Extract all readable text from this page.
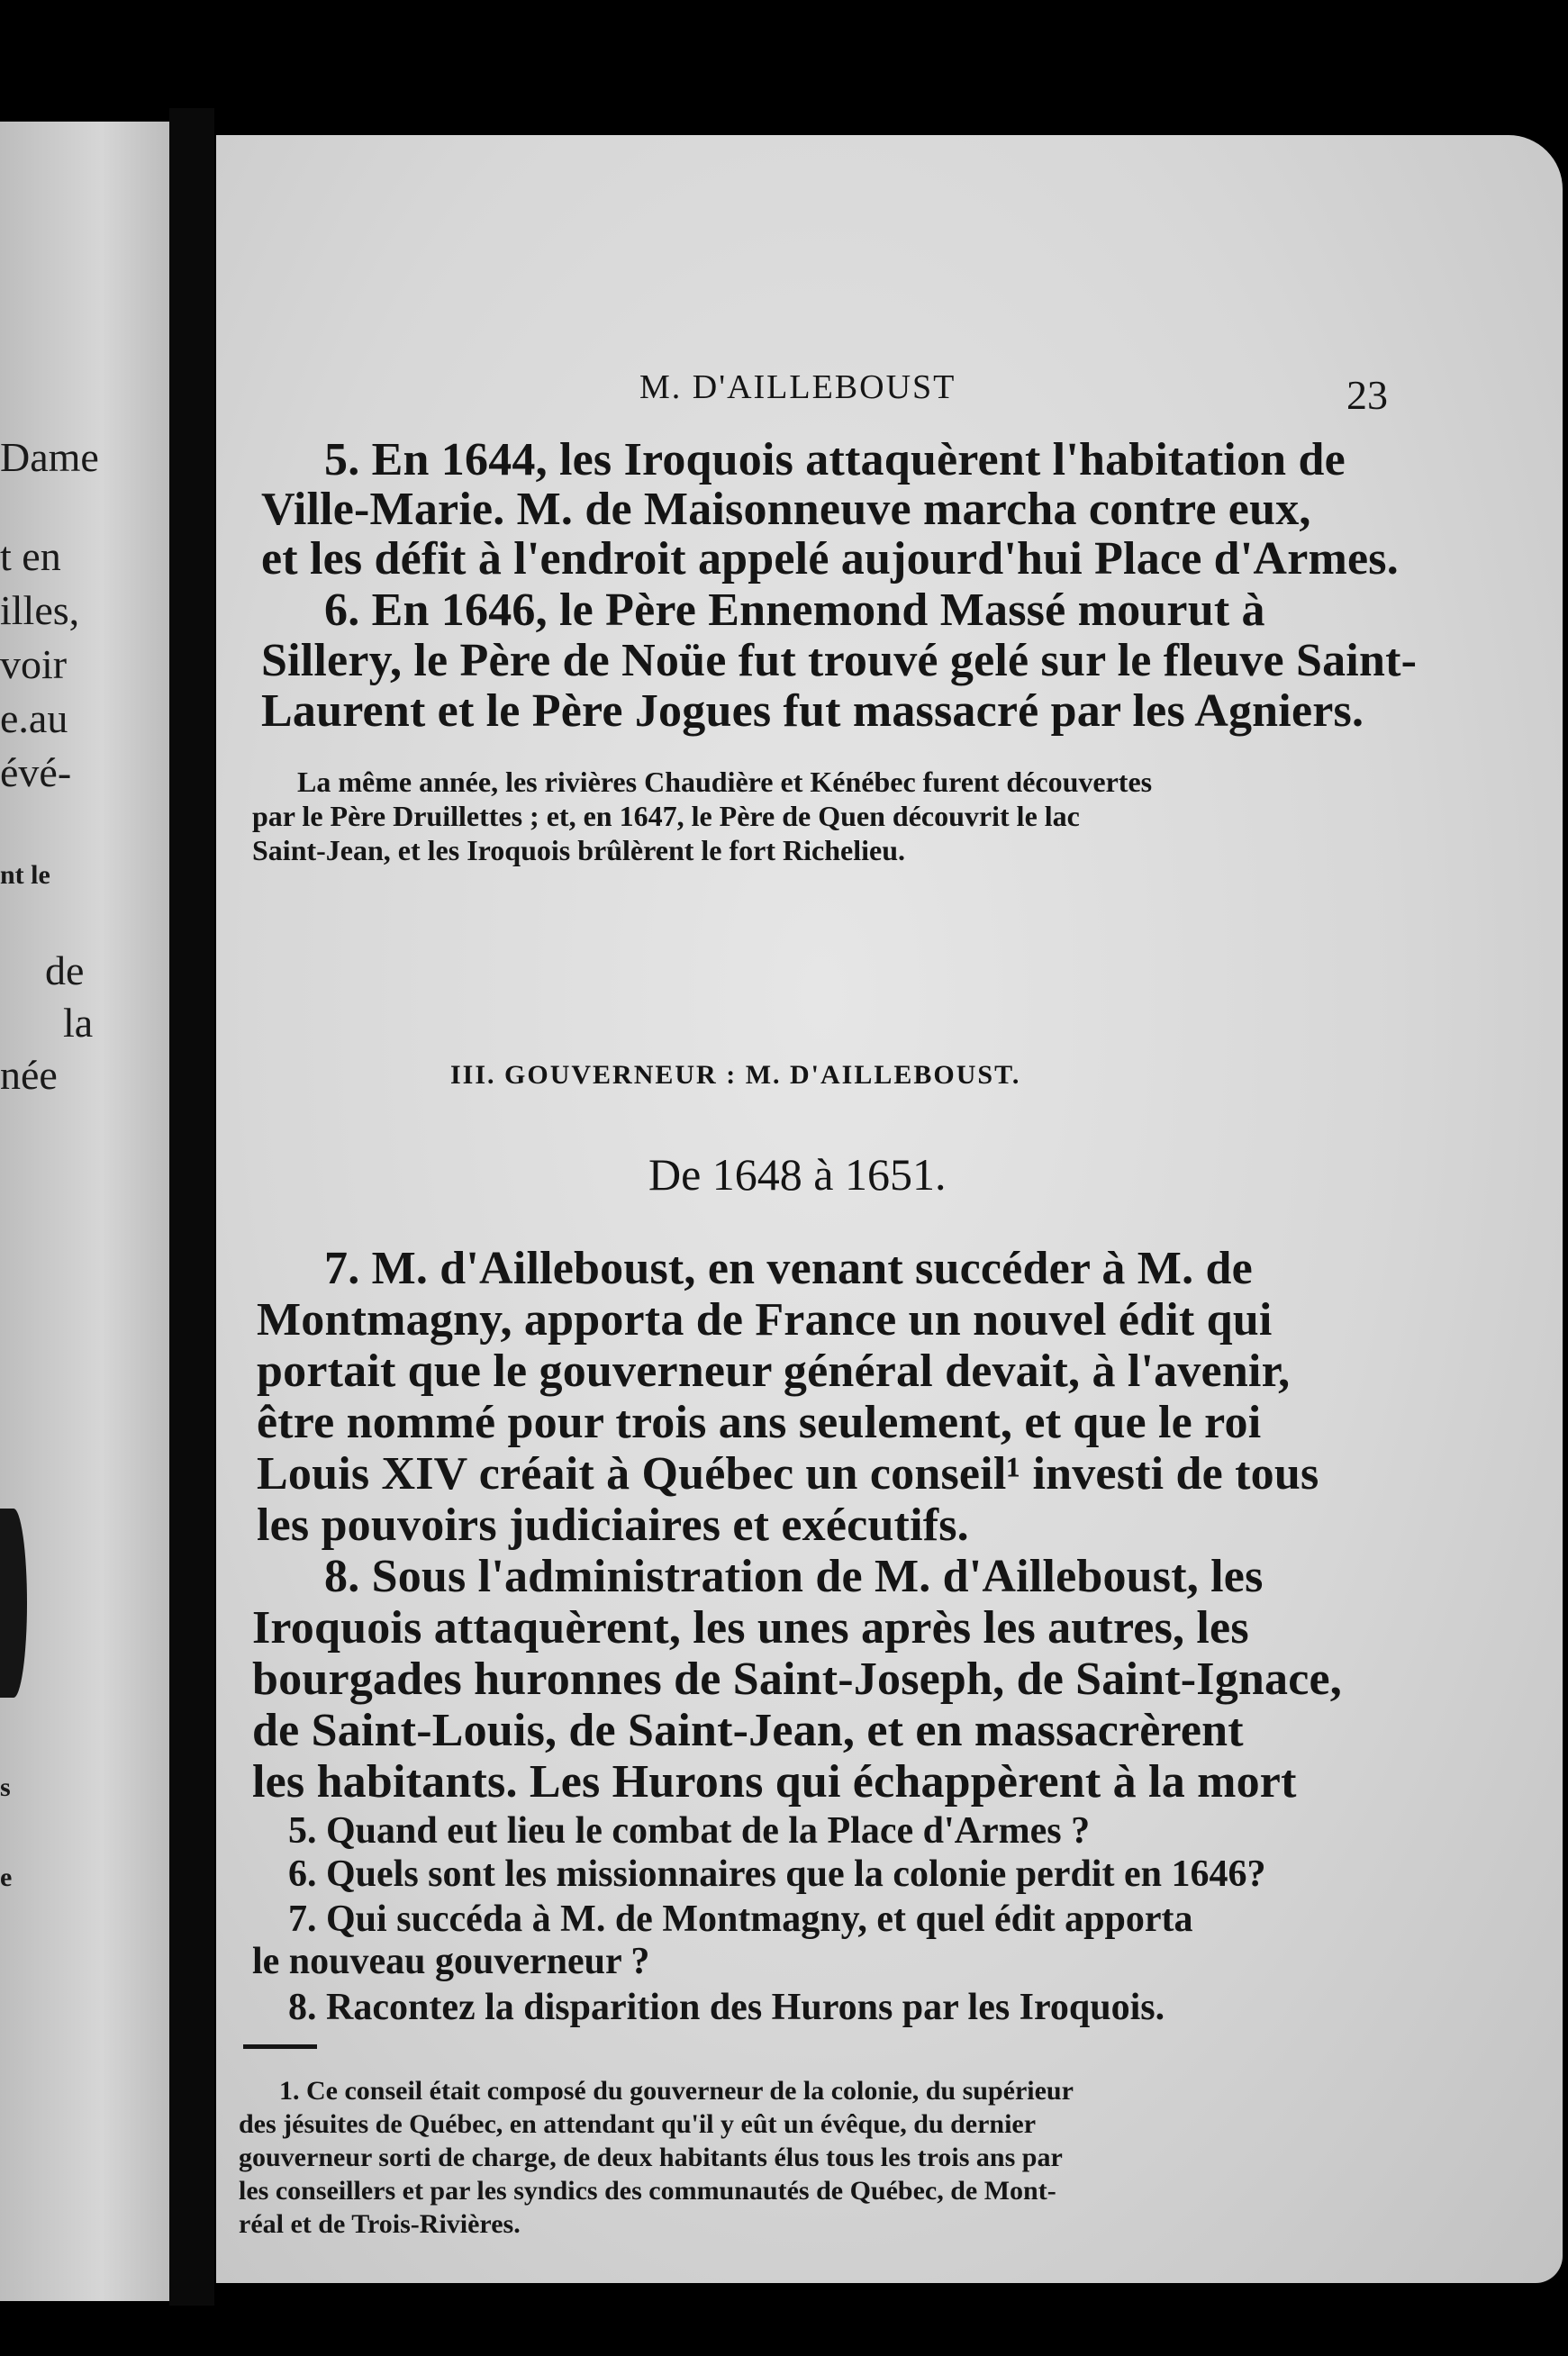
Dame
t en
illes,
voir
e.au
évé-
nt le
de
la
née
s
e
M. D'AILLEBOUST	23
5. En 1644, les Iroquois attaquèrent l'habitation de
Ville-Marie. M. de Maisonneuve marcha contre eux,
et les défit à l'endroit appelé aujourd'hui Place d'Armes.
6. En 1646, le Père Ennemond Massé mourut à
Sillery, le Père de Noüe fut trouvé gelé sur le fleuve Saint-
Laurent et le Père Jogues fut massacré par les Agniers.
La même année, les rivières Chaudière et Kénébec furent découvertes
par le Père Druillettes ; et, en 1647, le Père de Quen découvrit le lac
Saint-Jean, et les Iroquois brûlèrent le fort Richelieu.
III. GOUVERNEUR : M. D'AILLEBOUST.
De 1648 à 1651.
7. M. d'Ailleboust, en venant succéder à M. de
Montmagny, apporta de France un nouvel édit qui
portait que le gouverneur général devait, à l'avenir,
être nommé pour trois ans seulement, et que le roi
Louis XIV créait à Québec un conseil¹ investi de tous
les pouvoirs judiciaires et exécutifs.
8. Sous l'administration de M. d'Ailleboust, les
Iroquois attaquèrent, les unes après les autres, les
bourgades huronnes de Saint-Joseph, de Saint-Ignace,
de Saint-Louis, de Saint-Jean, et en massacrèrent
les habitants. Les Hurons qui échappèrent à la mort
5. Quand eut lieu le combat de la Place d'Armes ?
6. Quels sont les missionnaires que la colonie perdit en 1646?
7. Qui succéda à M. de Montmagny, et quel édit apporta
le nouveau gouverneur ?
8. Racontez la disparition des Hurons par les Iroquois.
1. Ce conseil était composé du gouverneur de la colonie, du supérieur
des jésuites de Québec, en attendant qu'il y eût un évêque, du dernier
gouverneur sorti de charge, de deux habitants élus tous les trois ans par
les conseillers et par les syndics des communautés de Québec, de Mont-
réal et de Trois-Rivières.
